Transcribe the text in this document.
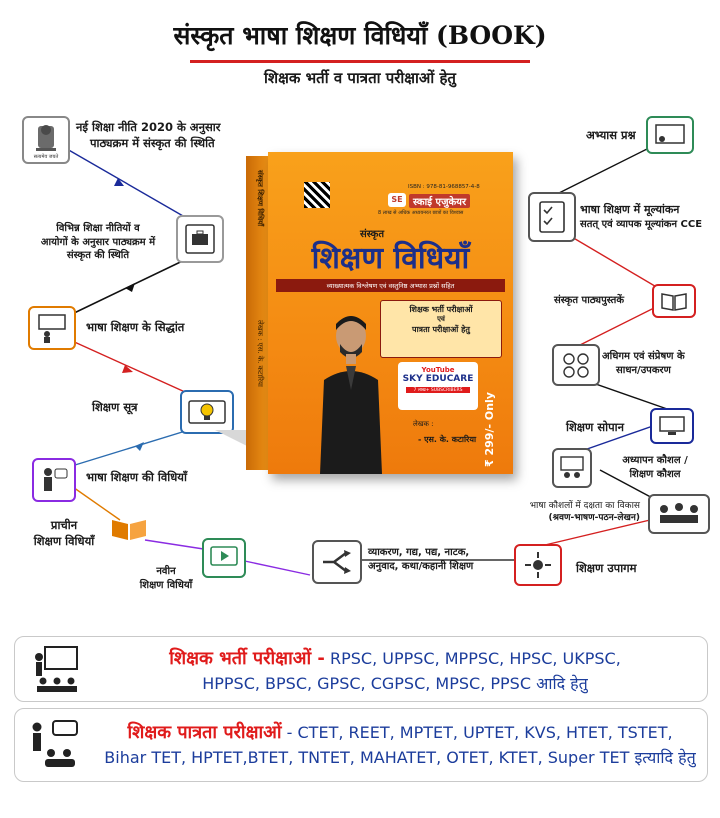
संस्कृत भाषा शिक्षण विधियाँ (BOOK)
शिक्षक भर्ती व पात्रता परीक्षाओं हेतु
सत्यमेव जयते
नई शिक्षा नीति 2020 के अनुसार
पाठ्यक्रम में संस्कृत की स्थिति
विभिन्न शिक्षा नीतियों व
आयोगों के अनुसार पाठ्यक्रम में
संस्कृत की स्थिति
भाषा शिक्षण के सिद्धांत
शिक्षण सूत्र
भाषा शिक्षण की विधियाँ
प्राचीन
शिक्षण विधियाँ
नवीन
शिक्षण विधियाँ
व्याकरण, गद्य, पद्य, नाटक,
अनुवाद, कथा/कहानी शिक्षण
अभ्यास प्रश्न
भाषा शिक्षण में मूल्यांकन
सतत् एवं व्यापक मूल्यांकन CCE
संस्कृत पाठ्यपुस्तकें
अधिगम एवं संप्रेषण के
साधन/उपकरण
शिक्षण सोपान
अध्यापन कौशल /
शिक्षण कौशल
भाषा कौशलों में दक्षता का विकास
(श्रवण-भाषण-पठन-लेखन)
शिक्षण उपागम
संस्कृत शिक्षण विधियाँ
लेखक : एस. के. कटारिया
ISBN : 978-81-968857-4-8
SE	स्काई एजुकेयर
8 लाख से अधिक अध्ययनरत छात्रों का विश्वास
संस्कृत
शिक्षण विधियाँ
व्याख्यात्मक विश्लेषण एवं वस्तुनिष्ठ अभ्यास प्रश्नों सहित
शिक्षक भर्ती परीक्षाओं
एवं
पात्रता परीक्षाओं हेतु
YouTube
SKY EDUCARE
7 लाख+ SUBSCRIBERS
₹ 299/- Only
लेखक :
- एस. के. कटारिया
शिक्षक भर्ती परीक्षाओं - RPSC, UPPSC, MPPSC, HPSC, UKPSC,
HPPSC, BPSC, GPSC, CGPSC, MPSC, PPSC आदि हेतु
शिक्षक पात्रता परीक्षाओं - CTET, REET, MPTET, UPTET, KVS, HTET, TSTET,
Bihar TET, HPTET,BTET, TNTET, MAHATET, OTET, KTET, Super TET इत्यादि हेतु
